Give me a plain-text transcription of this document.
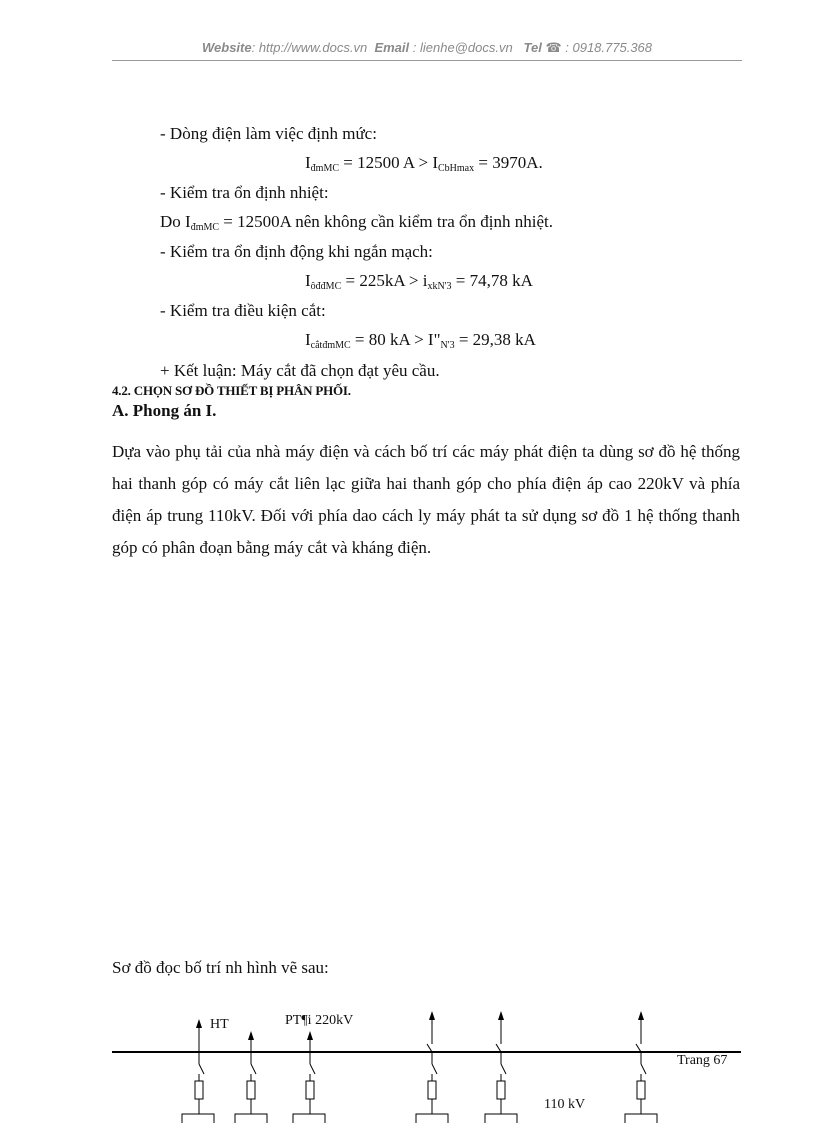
Website: http://www.docs.vn Email : lienhe@docs.vn Tel ☎ : 0918.775.368
- Dòng điện làm việc định mức:
$I_{đmMC} = 12500$ $A > I_{CbHmax} = 3970A$.
- Kiểm tra ổn định nhiệt:
Do $I_{đmMC} = 12500A$ nên không cần kiểm tra ổn định nhiệt.
- Kiểm tra ổn định động khi ngắn mạch:
$I_{ôđđMC} = 225kA > i_{xkN'3} = 74,78$ kA
- Kiểm tra điều kiện cắt:
$I_{cắtđmMC} = 80$ kA > $I"_{N'3} = 29,38$ kA
+ Kết luận: Máy cắt đã chọn đạt yêu cầu.
4.2. CHỌN SƠ ĐỒ THIẾT BỊ PHÂN PHỐI.
A. Phong án I.

Dựa vào phụ tải của nhà máy điện và cách bố trí các máy phát điện ta dùng sơ đồ hệ thống hai thanh góp có máy cắt liên lạc giữa hai thanh góp cho phía điện áp cao 220kV và phía điện áp trung 110kV. Đối với phía dao cách ly máy phát ta sử dụng sơ đồ 1 hệ thống thanh góp có phân đoạn bằng máy cắt và kháng điện.

Sơ đồ đọc bố trí nh hình vẽ sau:
HT	PT¶i 220kV
110 kV
Trang 67
